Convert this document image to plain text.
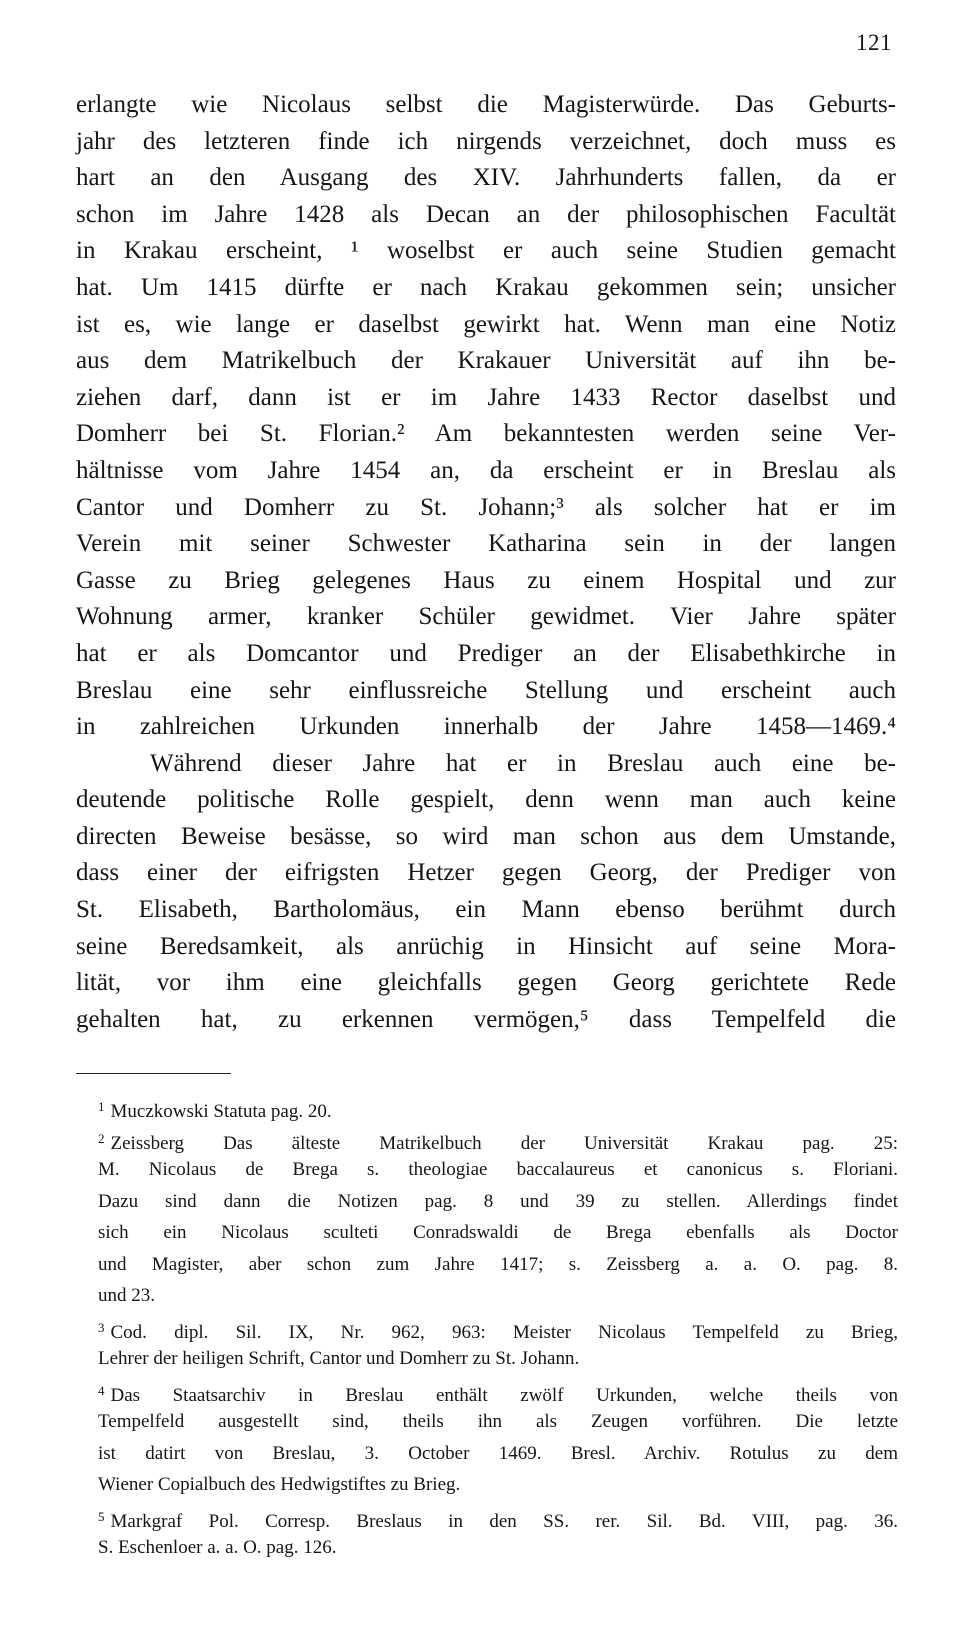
121
erlangte wie Nicolaus selbst die Magisterwürde. Das Geburts-
jahr des letzteren finde ich nirgends verzeichnet, doch muss es
hart an den Ausgang des XIV. Jahrhunderts fallen, da er
schon im Jahre 1428 als Decan an der philosophischen Facultät
in Krakau erscheint, ¹ woselbst er auch seine Studien gemacht
hat. Um 1415 dürfte er nach Krakau gekommen sein; unsicher
ist es, wie lange er daselbst gewirkt hat. Wenn man eine Notiz
aus dem Matrikelbuch der Krakauer Universität auf ihn be-
ziehen darf, dann ist er im Jahre 1433 Rector daselbst und
Domherr bei St. Florian.² Am bekanntesten werden seine Ver-
hältnisse vom Jahre 1454 an, da erscheint er in Breslau als
Cantor und Domherr zu St. Johann;³ als solcher hat er im
Verein mit seiner Schwester Katharina sein in der langen
Gasse zu Brieg gelegenes Haus zu einem Hospital und zur
Wohnung armer, kranker Schüler gewidmet. Vier Jahre später
hat er als Domcantor und Prediger an der Elisabethkirche in
Breslau eine sehr einflussreiche Stellung und erscheint auch
in zahlreichen Urkunden innerhalb der Jahre 1458—1469.⁴
Während dieser Jahre hat er in Breslau auch eine be-
deutende politische Rolle gespielt, denn wenn man auch keine
directen Beweise besässe, so wird man schon aus dem Umstande,
dass einer der eifrigsten Hetzer gegen Georg, der Prediger von
St. Elisabeth, Bartholomäus, ein Mann ebenso berühmt durch
seine Beredsamkeit, als anrüchig in Hinsicht auf seine Mora-
lität, vor ihm eine gleichfalls gegen Georg gerichtete Rede
gehalten hat, zu erkennen vermögen,⁵ dass Tempelfeld die
$^1$ Muczkowski Statuta pag. 20.
$^2$ Zeissberg Das älteste Matrikelbuch der Universität Krakau pag. 25:
M. Nicolaus de Brega s. theologiae baccalaureus et canonicus s. Floriani.
Dazu sind dann die Notizen pag. 8 und 39 zu stellen. Allerdings findet
sich ein Nicolaus sculteti Conradswaldi de Brega ebenfalls als Doctor
und Magister, aber schon zum Jahre 1417; s. Zeissberg a. a. O. pag. 8.
und 23.
$^3$ Cod. dipl. Sil. IX, Nr. 962, 963: Meister Nicolaus Tempelfeld zu Brieg,
Lehrer der heiligen Schrift, Cantor und Domherr zu St. Johann.
$^4$ Das Staatsarchiv in Breslau enthält zwölf Urkunden, welche theils von
Tempelfeld ausgestellt sind, theils ihn als Zeugen vorführen. Die letzte
ist datirt von Breslau, 3. October 1469. Bresl. Archiv. Rotulus zu dem
Wiener Copialbuch des Hedwigstiftes zu Brieg.
$^5$ Markgraf Pol. Corresp. Breslaus in den SS. rer. Sil. Bd. VIII, pag. 36.
S. Eschenloer a. a. O. pag. 126.
